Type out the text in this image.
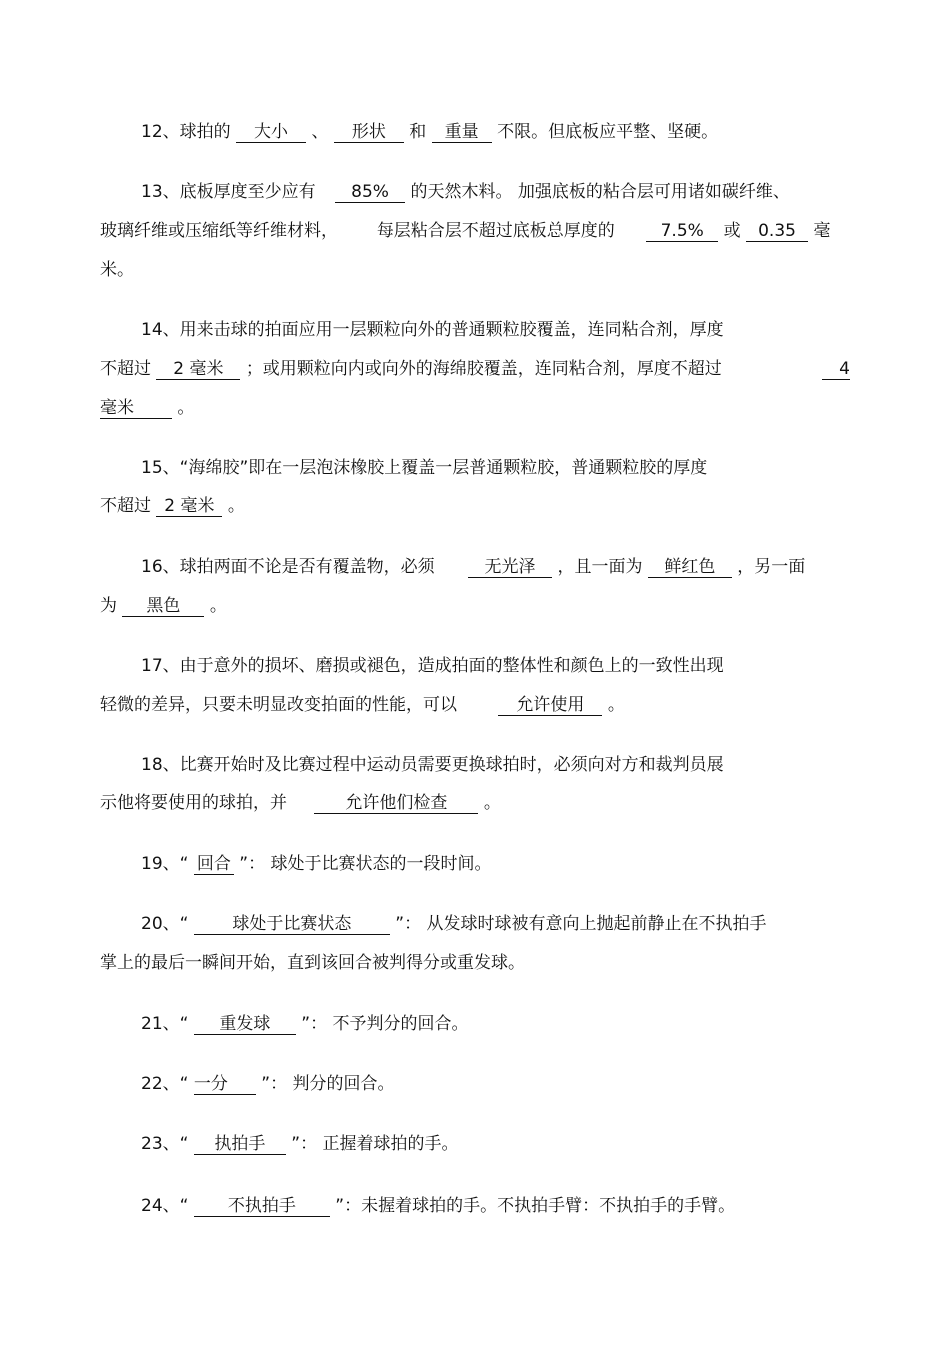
12、球拍的 大小 、 形状 和 重量 不限。但底板应平整、坚硬。
13、底板厚度至少应有 85% 的天然木料。 加强底板的粘合层可用诸如碳纤维、
玻璃纤维或压缩纸等纤维材料， 每层粘合层不超过底板总厚度的	7.5% 或 0.35 毫
米。
14、用来击球的拍面应用一层颗粒向外的普通颗粒胶覆盖，连同粘合剂，厚度
不超过 2 毫米 ；或用颗粒向内或向外的海绵胶覆盖，连同粘合剂，厚度不超过	4
毫米	。
15、“海绵胶”即在一层泡沫橡胶上覆盖一层普通颗粒胶，普通颗粒胶的厚度
不超过 2 毫米 。
16、球拍两面不论是否有覆盖物，必须	无光泽 ，且一面为 鲜红色 ，另一面
为 黑色 。
17、由于意外的损坏、磨损或褪色，造成拍面的整体性和颜色上的一致性出现
轻微的差异，只要未明显改变拍面的性能，可以	允许使用 。
18、比赛开始时及比赛过程中运动员需要更换球拍时，必须向对方和裁判员展
示他将要使用的球拍，并	允许他们检查 。
19、“ 回合 ”： 球处于比赛状态的一段时间。
20、“	球处于比赛状态	”： 从发球时球被有意向上抛起前静止在不执拍手
掌上的最后一瞬间开始，直到该回合被判得分或重发球。
21、“ 重发球 ”： 不予判分的回合。
22、“ 一分 ”： 判分的回合。
23、“ 执拍手 ”： 正握着球拍的手。
24、“ 不执拍手 ”：未握着球拍的手。不执拍手臂：不执拍手的手臂。
